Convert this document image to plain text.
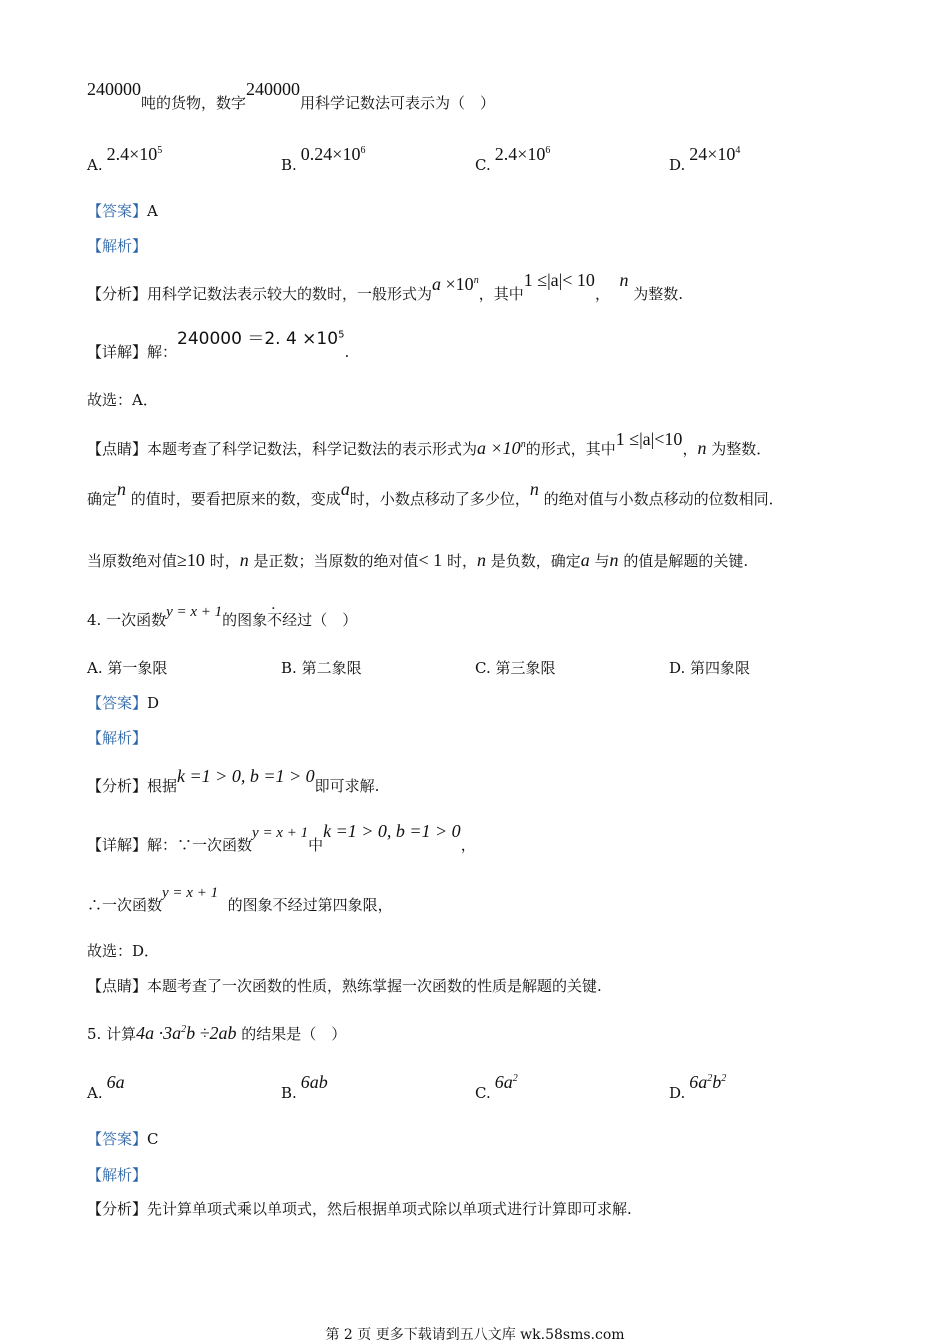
240000吨的货物，数字240000用科学记数法可表示为（　）
$A.2.4\times 10^5$
$B.0.24\times 10^6$
$C.2.4\times 10^6$
$D.24\times 10^4$
【答案】A
【解析】
【分析】用科学记数法表示较大的数时，一般形式为$a \times 10^n$，其中1 ≤|a|< 10，  n 为整数.
【详解】解：240000 ＝2. $4 \times 10^5$.
故选：A．
【点睛】本题考查了科学记数法，科学记数法的表示形式为$a \times 10^n$的形式，其中1 ≤|a|<10，n 为整数．
确定n 的值时，要看把原来的数，变成a时，小数点移动了多少位，n 的绝对值与小数点移动的位数相同．
当原数绝对值≥10 时，n 是正数；当原数的绝对值< 1 时，n 是负数，确定a 与n 的值是解题的关键.
4. 一次函数y = x + 1的图象不经过（　）
A. 第一象限	B. 第二象限	C. 第三象限	D. 第四象限
【答案】D
【解析】
【分析】根据k =1 > 0, b =1 > 0即可求解.
【详解】解：∵一次函数y = x + 1中k =1 > 0, b =1 > 0，
∴一次函数y = x + 1  的图象不经过第四象限，
故选：D．
【点睛】本题考查了一次函数的性质，熟练掌握一次函数的性质是解题的关键.
5. 计算$4a \cdot 3a^2b \div 2ab$ 的结果是（　）
A.6a
B.6ab
$C.6a^2$
$D.6a^2b^2$
【答案】C
【解析】
【分析】先计算单项式乘以单项式，然后根据单项式除以单项式进行计算即可求解.
第 2 页 更多下载请到五八文库 wk.58sms.com
